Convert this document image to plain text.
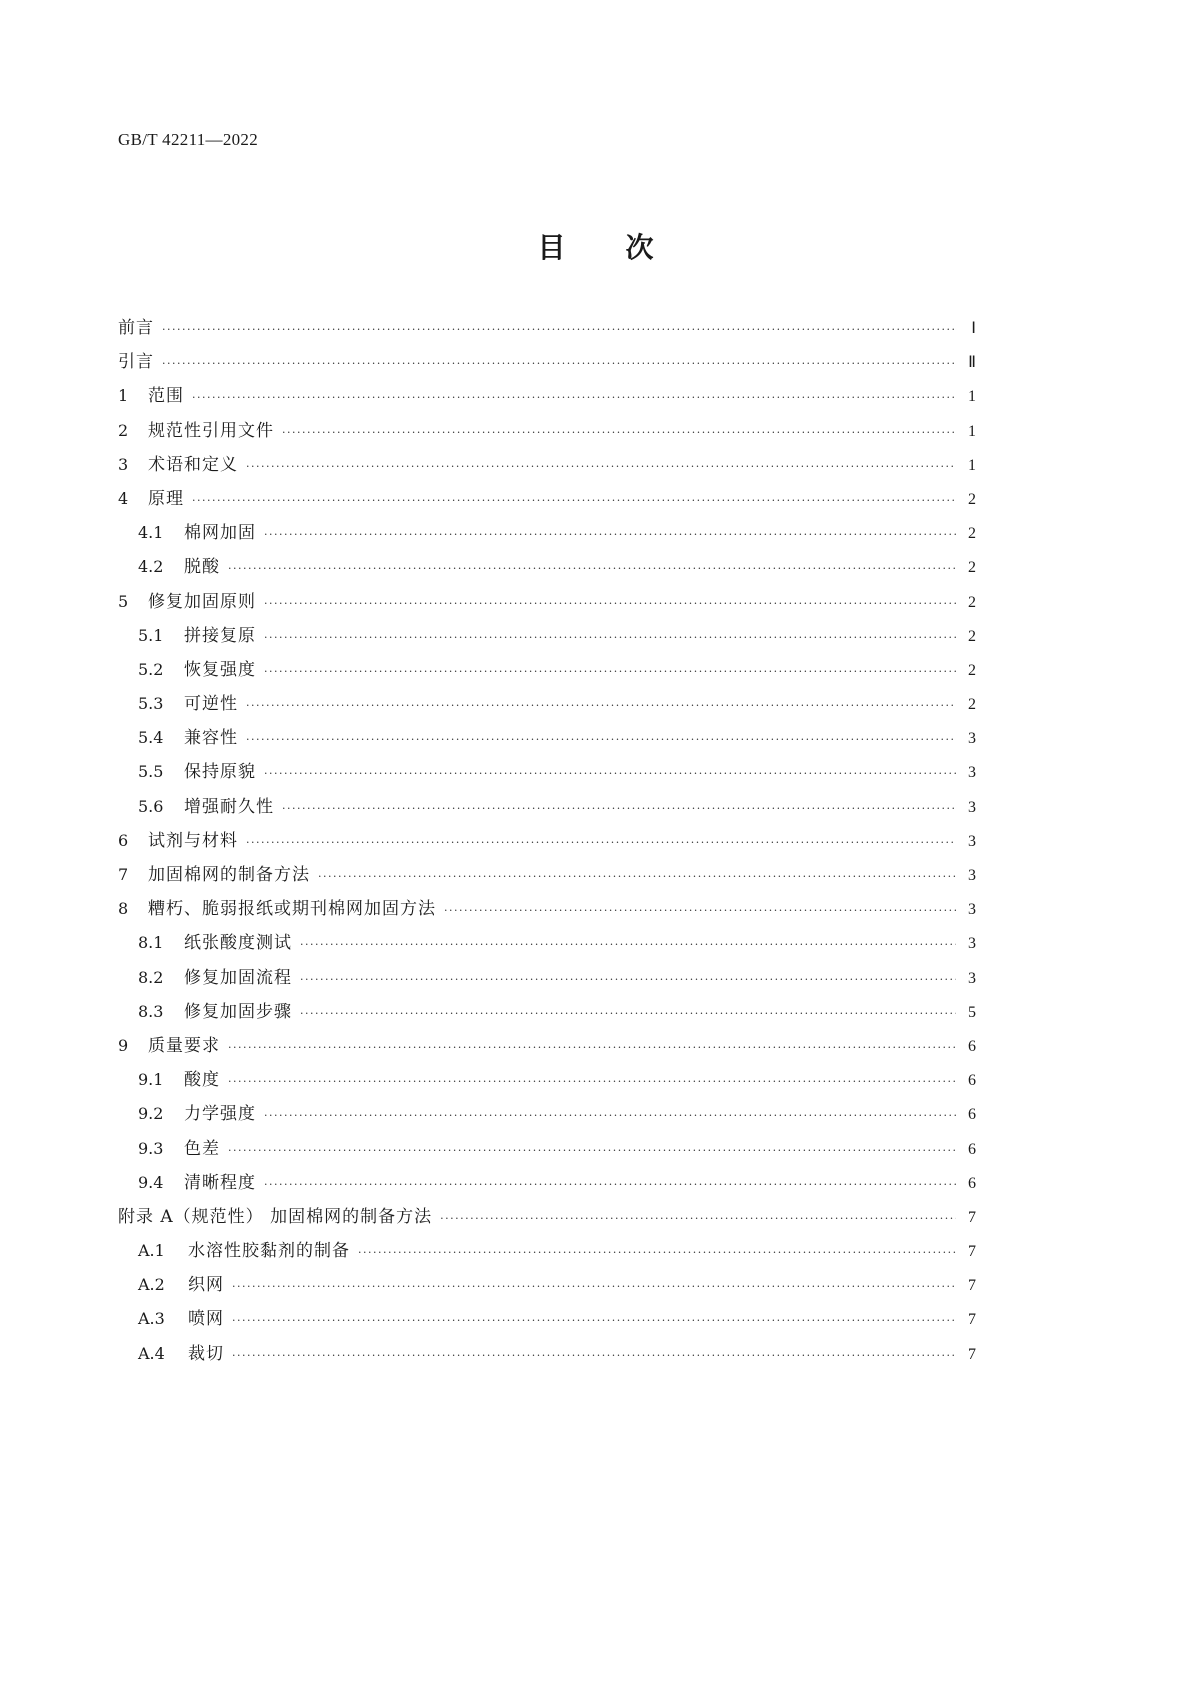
GB/T 42211—2022
目次
前言 ·····	Ⅰ
引言 ·····	Ⅱ
1	范围 ·····	1
2	规范性引用文件 ·····	1
3	术语和定义 ·····	1
4	原理 ·····	2
4.1	棉网加固 ·····	2
4.2	脱酸 ·····	2
5	修复加固原则 ·····	2
5.1	拼接复原 ·····	2
5.2	恢复强度 ·····	2
5.3	可逆性 ·····	2
5.4	兼容性 ·····	3
5.5	保持原貌 ·····	3
5.6	增强耐久性 ·····	3
6	试剂与材料 ·····	3
7	加固棉网的制备方法 ·····	3
8	糟朽、脆弱报纸或期刊棉网加固方法 ·····	3
8.1	纸张酸度测试 ·····	3
8.2	修复加固流程 ·····	3
8.3	修复加固步骤 ·····	5
9	质量要求 ·····	6
9.1	酸度 ·····	6
9.2	力学强度 ·····	6
9.3	色差 ·····	6
9.4	清晰程度 ·····	6
附录 A（规范性） 加固棉网的制备方法 ·····	7
A.1	水溶性胶黏剂的制备 ·····	7
A.2	织网 ·····	7
A.3	喷网 ·····	7
A.4	裁切 ·····	7
